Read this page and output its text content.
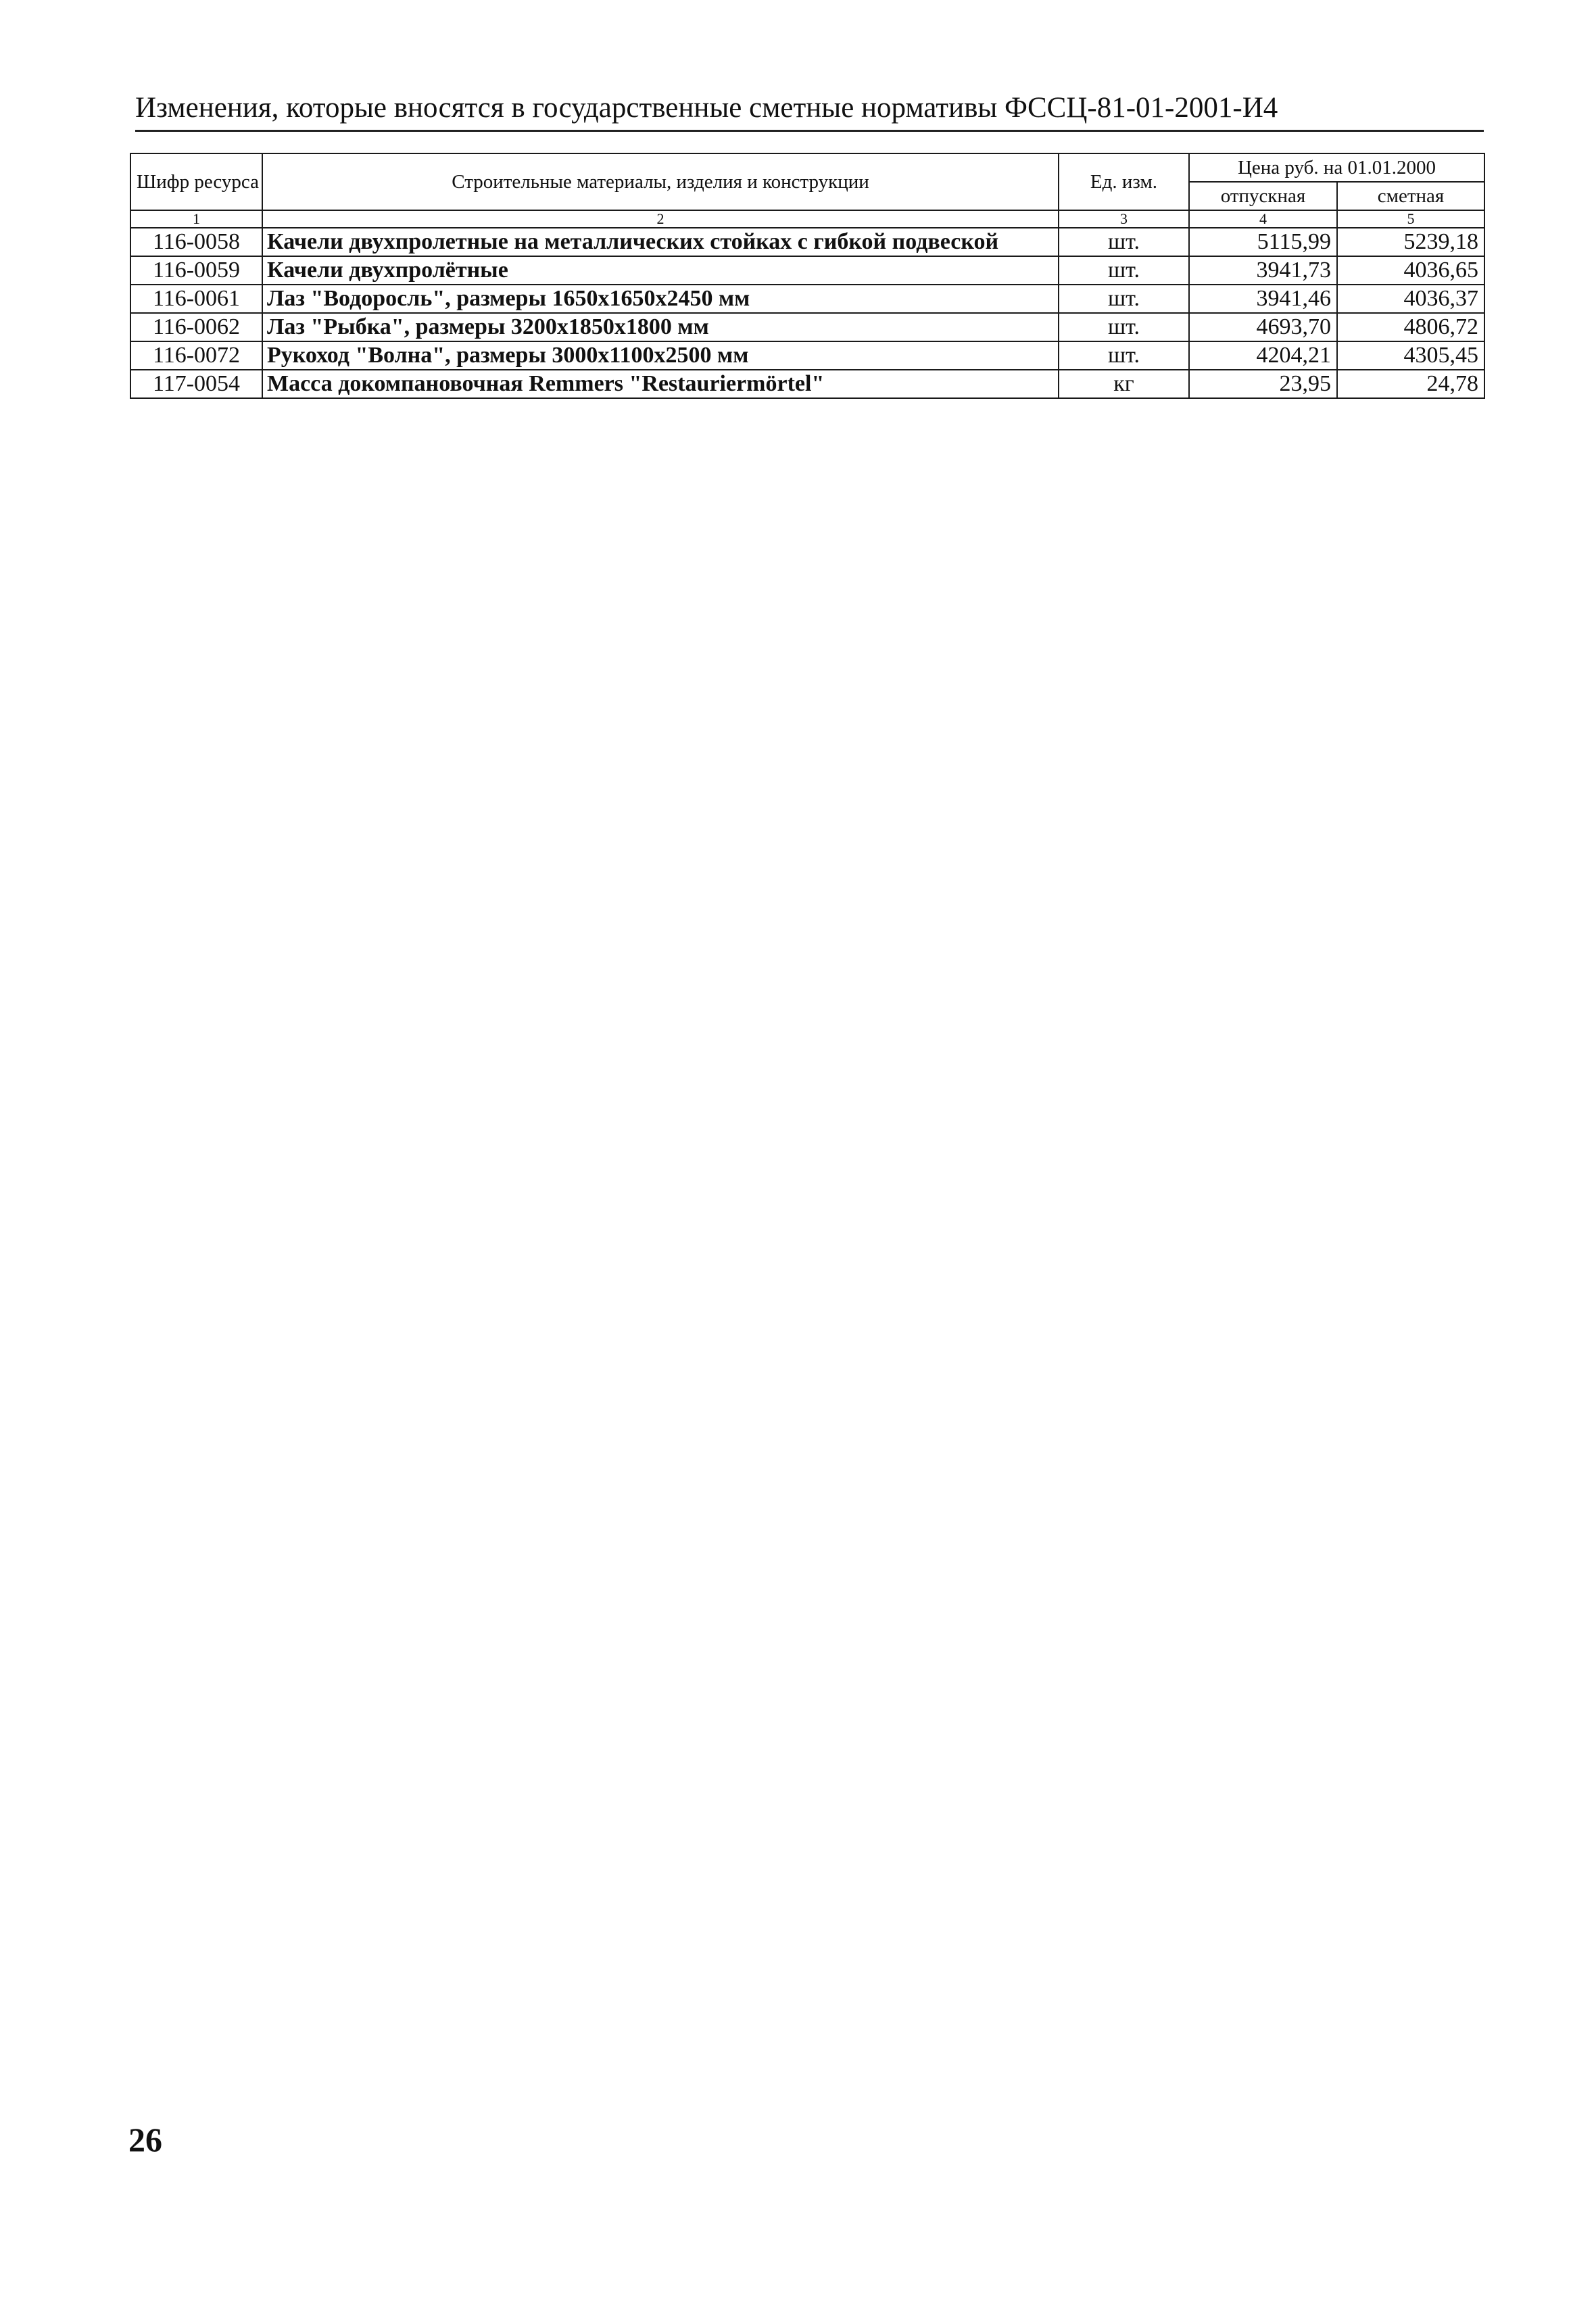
Изменения, которые вносятся в государственные сметные нормативы ФССЦ-81-01-2001-И4
Шифр ресурса	Строительные материалы, изделия и конструкции	Ед. изм.	Цена руб. на 01.01.2000	
			отпускная	сметная
1	2	3	4	5
116-0058	Качели двухпролетные на металлических стойках с гибкой подвеской	шт.	5115,99	5239,18
116-0059	Качели двухпролётные	шт.	3941,73	4036,65
116-0061	Лаз "Водоросль", размеры 1650х1650х2450 мм	шт.	3941,46	4036,37
116-0062	Лаз "Рыбка", размеры 3200х1850х1800 мм	шт.	4693,70	4806,72
116-0072	Рукоход "Волна", размеры 3000х1100х2500 мм	шт.	4204,21	4305,45
117-0054	Масса докомпановочная Remmers "Restauriermörtel"	кг	23,95	24,78
26
